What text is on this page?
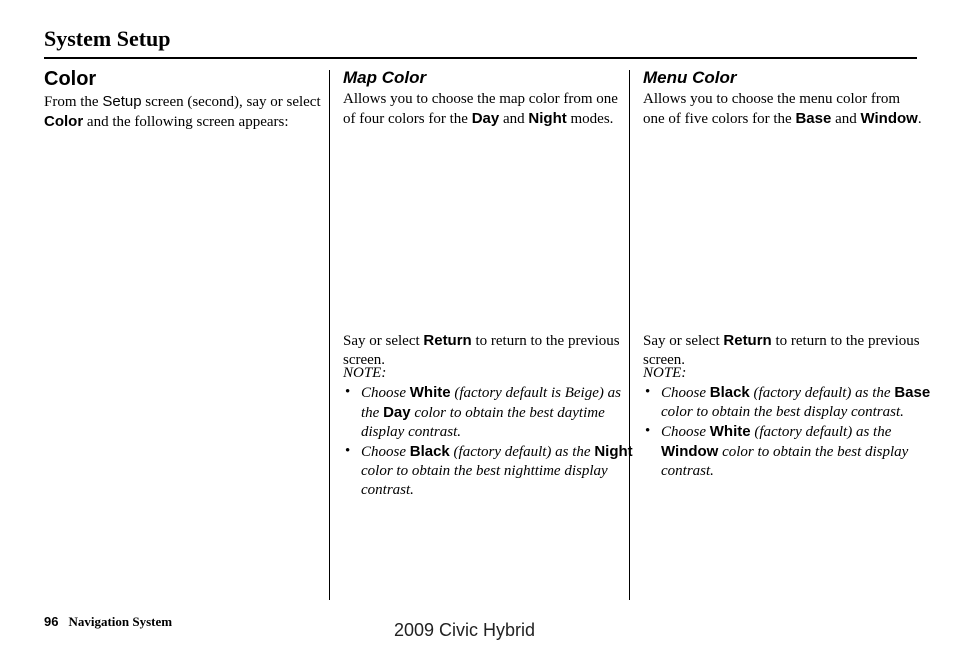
System Setup
Color

From the Setup screen (second), say or select Color and the following screen appears:

Map Color

Allows you to choose the map color from one of four colors for the Day and Night modes.

Say or select Return to return to the previous screen.

NOTE:
• Choose White (factory default is Beige) as the Day color to obtain the best daytime display contrast.
• Choose Black (factory default) as the Night color to obtain the best nighttime display contrast.
Menu Color

Allows you to choose the menu color from one of five colors for the Base and Window.

Say or select Return to return to the previous screen.

NOTE:
• Choose Black (factory default) as the Base color to obtain the best display contrast.
• Choose White (factory default) as the Window color to obtain the best display contrast.
96 Navigation System	2009 Civic Hybrid
